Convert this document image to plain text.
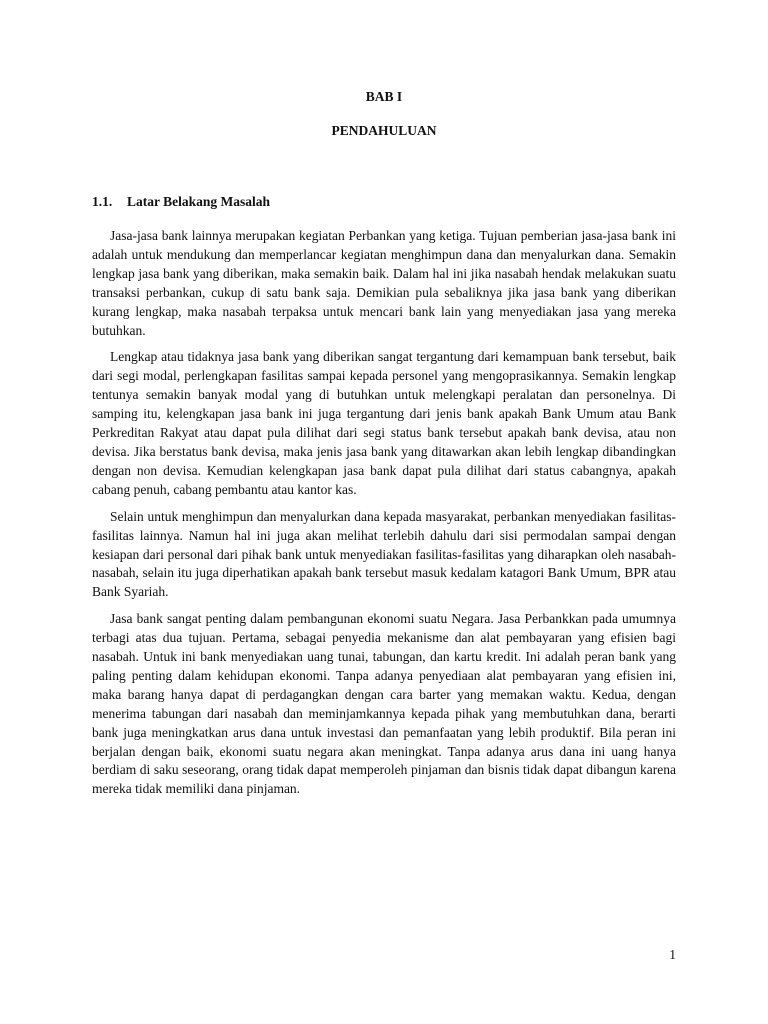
BAB I
PENDAHULUAN
1.1. Latar Belakang Masalah

Jasa-jasa bank lainnya merupakan kegiatan Perbankan yang ketiga. Tujuan pemberian jasa-jasa bank ini adalah untuk mendukung dan memperlancar kegiatan menghimpun dana dan menyalurkan dana. Semakin lengkap jasa bank yang diberikan, maka semakin baik. Dalam hal ini jika nasabah hendak melakukan suatu transaksi perbankan, cukup di satu bank saja. Demikian pula sebaliknya jika jasa bank yang diberikan kurang lengkap, maka nasabah terpaksa untuk mencari bank lain yang menyediakan jasa yang mereka butuhkan.

Lengkap atau tidaknya jasa bank yang diberikan sangat tergantung dari kemampuan bank tersebut, baik dari segi modal, perlengkapan fasilitas sampai kepada personel yang mengoprasikannya. Semakin lengkap tentunya semakin banyak modal yang di butuhkan untuk melengkapi peralatan dan personelnya. Di samping itu, kelengkapan jasa bank ini juga tergantung dari jenis bank apakah Bank Umum atau Bank Perkreditan Rakyat atau dapat pula dilihat dari segi status bank tersebut apakah bank devisa, atau non devisa. Jika berstatus bank devisa, maka jenis jasa bank yang ditawarkan akan lebih lengkap dibandingkan dengan non devisa. Kemudian kelengkapan jasa bank dapat pula dilihat dari status cabangnya, apakah cabang penuh, cabang pembantu atau kantor kas.

Selain untuk menghimpun dan menyalurkan dana kepada masyarakat, perbankan menyediakan fasilitas-fasilitas lainnya. Namun hal ini juga akan melihat terlebih dahulu dari sisi permodalan sampai dengan kesiapan dari personal dari pihak bank untuk menyediakan fasilitas-fasilitas yang diharapkan oleh nasabah-nasabah, selain itu juga diperhatikan apakah bank tersebut masuk kedalam katagori Bank Umum, BPR atau Bank Syariah.

Jasa bank sangat penting dalam pembangunan ekonomi suatu Negara. Jasa Perbankkan pada umumnya terbagi atas dua tujuan. Pertama, sebagai penyedia mekanisme dan alat pembayaran yang efisien bagi nasabah. Untuk ini bank menyediakan uang tunai, tabungan, dan kartu kredit. Ini adalah peran bank yang paling penting dalam kehidupan ekonomi. Tanpa adanya penyediaan alat pembayaran yang efisien ini, maka barang hanya dapat di perdagangkan dengan cara barter yang memakan waktu. Kedua, dengan menerima tabungan dari nasabah dan meminjamkannya kepada pihak yang membutuhkan dana, berarti bank juga meningkatkan arus dana untuk investasi dan pemanfaatan yang lebih produktif. Bila peran ini berjalan dengan baik, ekonomi suatu negara akan meningkat. Tanpa adanya arus dana ini uang hanya berdiam di saku seseorang, orang tidak dapat memperoleh pinjaman dan bisnis tidak dapat dibangun karena mereka tidak memiliki dana pinjaman.

1
